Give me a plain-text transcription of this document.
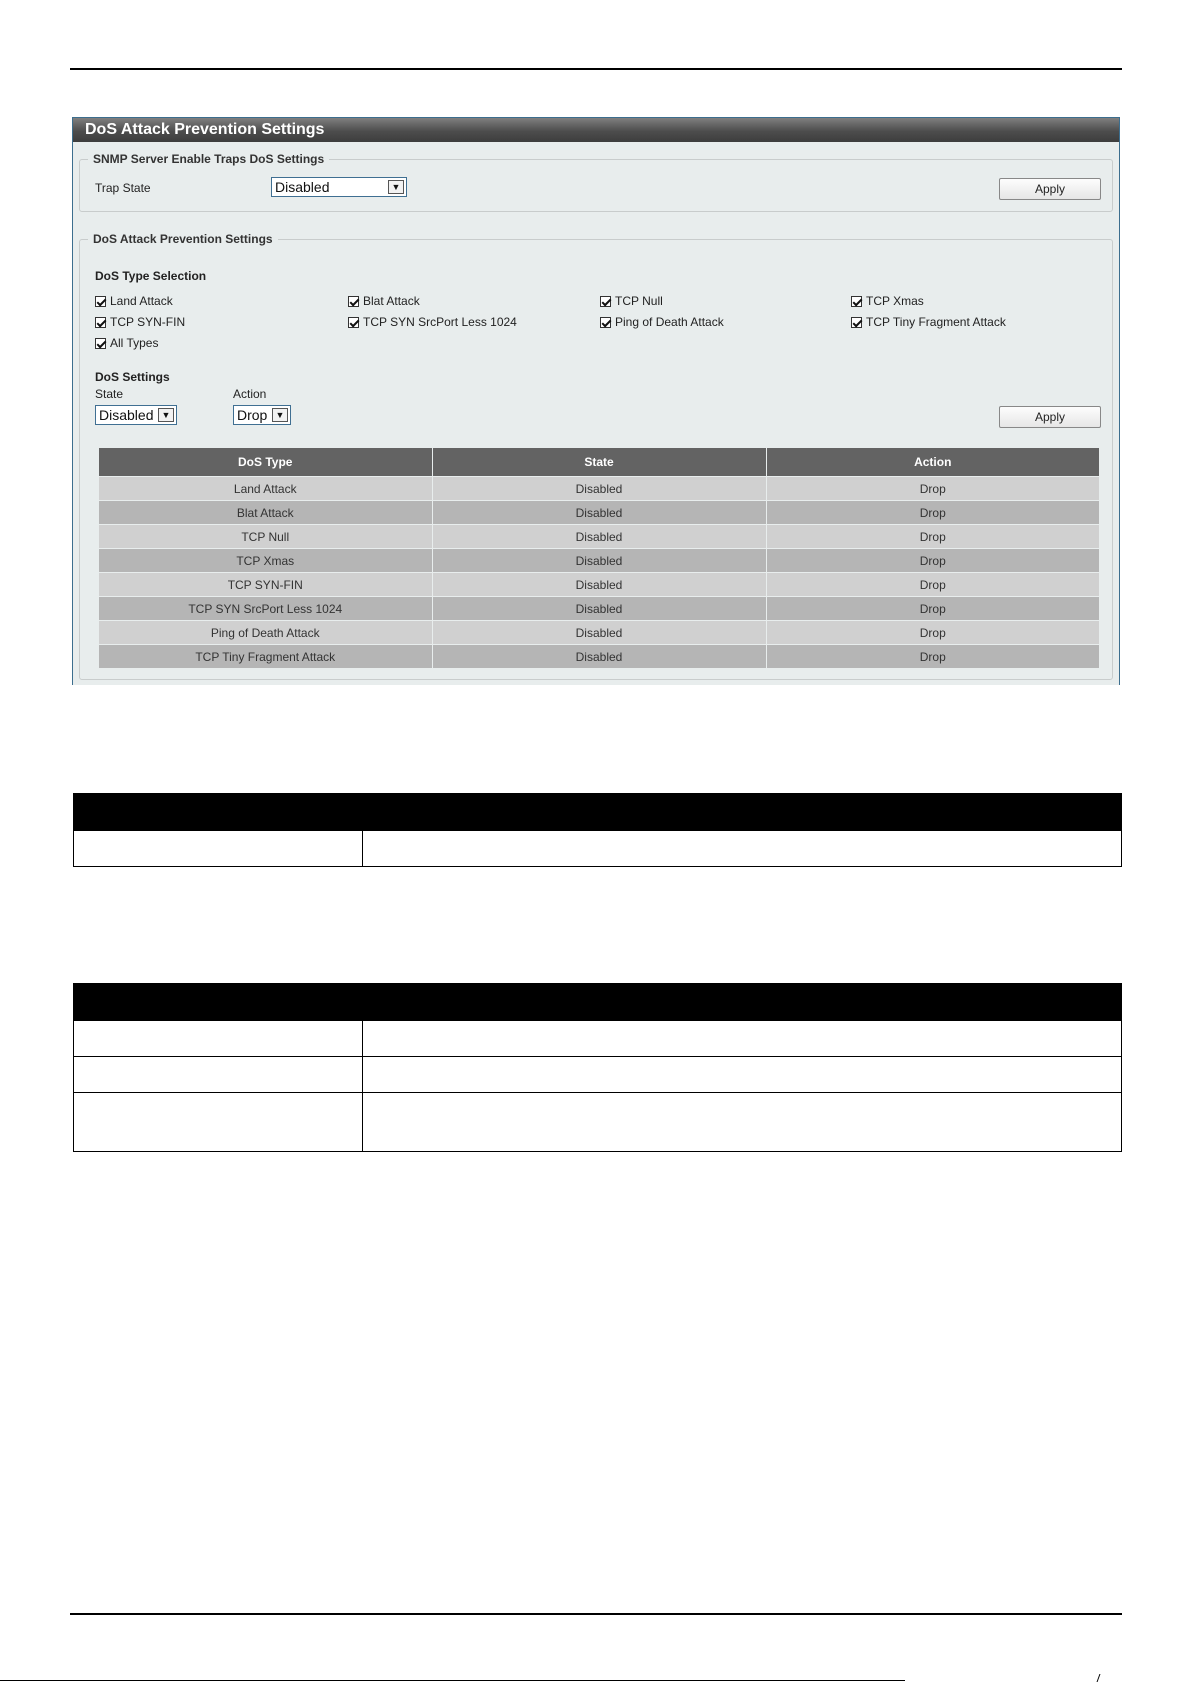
DoS Attack Prevention Settings
SNMP Server Enable Traps DoS Settings
Trap State	Disabled	▼	Apply
DoS Attack Prevention Settings
DoS Type Selection
Land Attack	Blat Attack	TCP Null	TCP Xmas
TCP SYN-FIN	TCP SYN SrcPort Less 1024	Ping of Death Attack	TCP Tiny Fragment Attack
All Types
DoS Settings
State	Action
Disabled ▼	Drop ▼	Apply
DoS Type	State	Action
Land Attack	Disabled	Drop
Blat Attack	Disabled	Drop
TCP Null	Disabled	Drop
TCP Xmas	Disabled	Drop
TCP SYN-FIN	Disabled	Drop
TCP SYN SrcPort Less 1024	Disabled	Drop
Ping of Death Attack	Disabled	Drop
TCP Tiny Fragment Attack	Disabled	Drop
